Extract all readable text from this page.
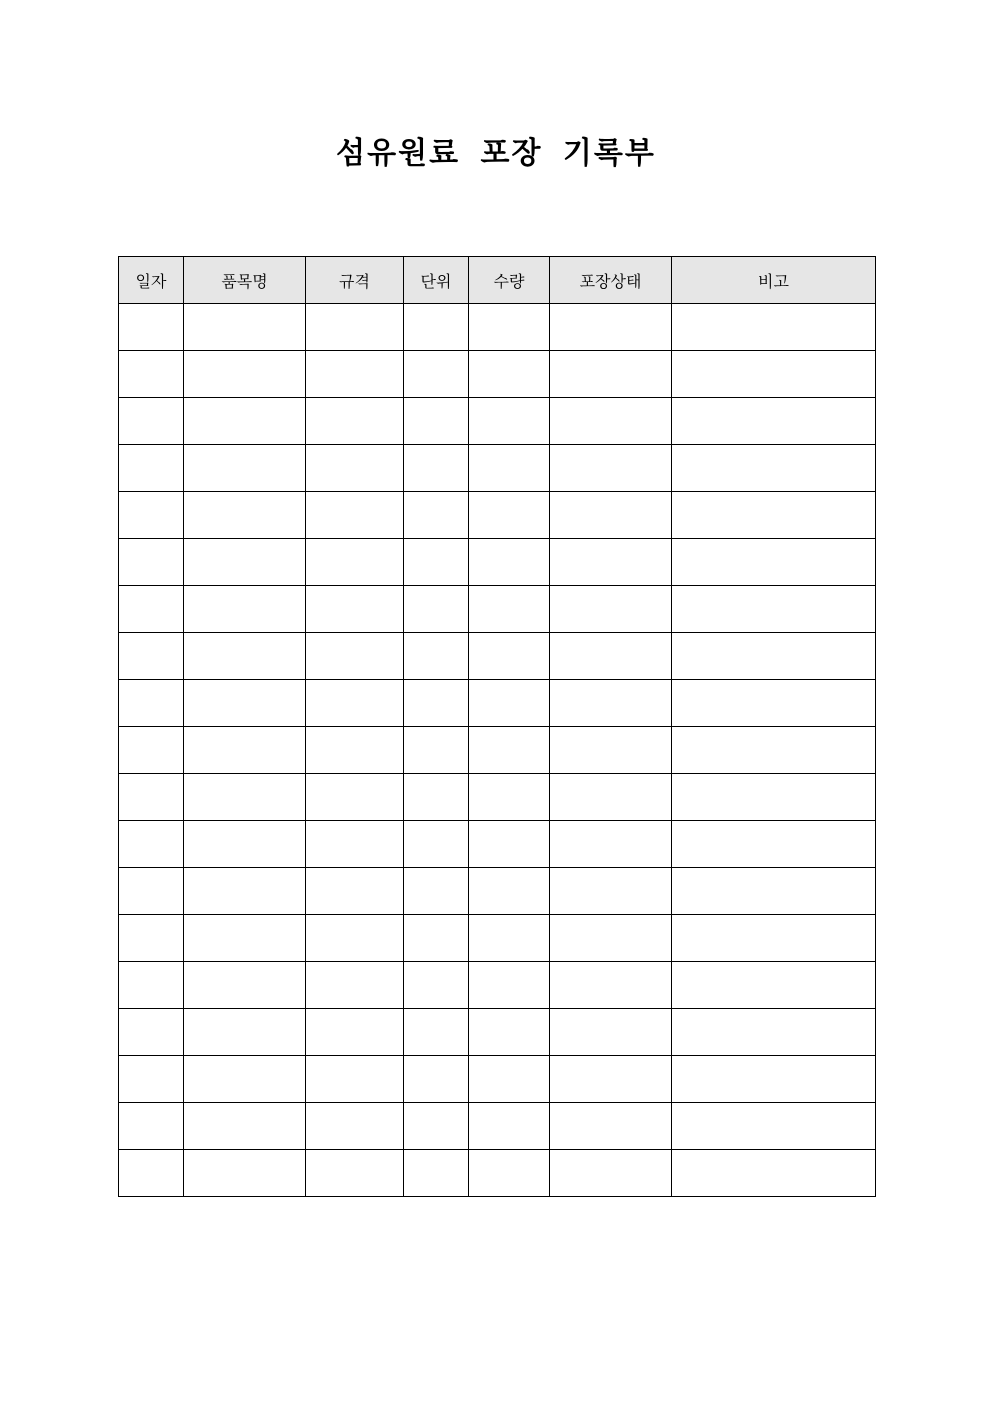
섬유원료 포장 기록부
일자	품목명	규격	단위	수량	포장상태	비고
